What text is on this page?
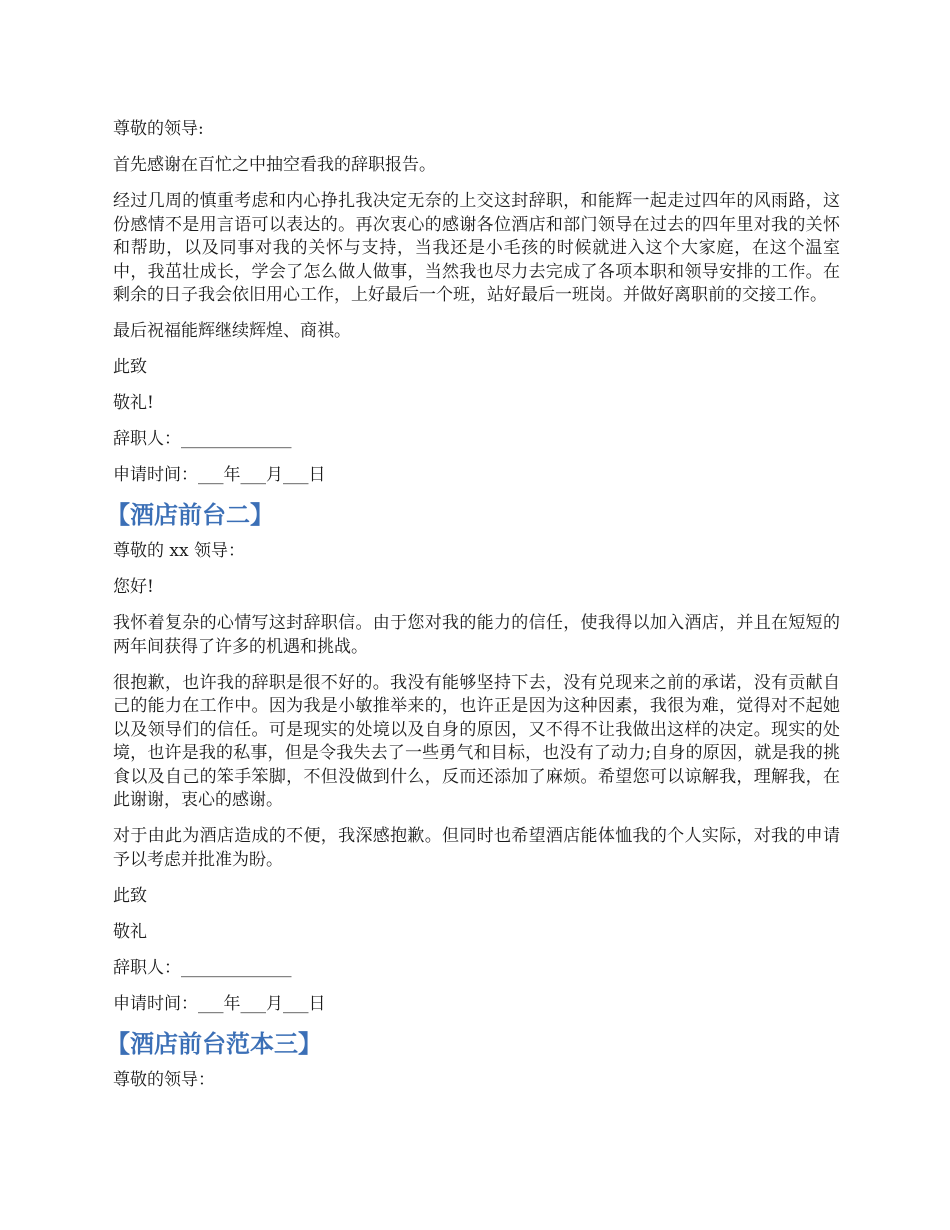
尊敬的领导:
首先感谢在百忙之中抽空看我的辞职报告。
经过几周的慎重考虑和内心挣扎我决定无奈的上交这封辞职，和能辉一起走过四年的风雨路，这份感情不是用言语可以表达的。再次衷心的感谢各位酒店和部门领导在过去的四年里对我的关怀和帮助，以及同事对我的关怀与支持，当我还是小毛孩的时候就进入这个大家庭，在这个温室中，我茁壮成长，学会了怎么做人做事，当然我也尽力去完成了各项本职和领导安排的工作。在剩余的日子我会依旧用心工作，上好最后一个班，站好最后一班岗。并做好离职前的交接工作。
最后祝福能辉继续辉煌、商祺。
此致
敬礼!
辞职人：_____________
申请时间：___年___月___日
【酒店前台二】
尊敬的 xx 领导：
您好!
我怀着复杂的心情写这封辞职信。由于您对我的能力的信任，使我得以加入酒店，并且在短短的两年间获得了许多的机遇和挑战。
很抱歉，也许我的辞职是很不好的。我没有能够坚持下去，没有兑现来之前的承诺，没有贡献自己的能力在工作中。因为我是小敏推举来的，也许正是因为这种因素，我很为难，觉得对不起她以及领导们的信任。可是现实的处境以及自身的原因，又不得不让我做出这样的决定。现实的处境，也许是我的私事，但是令我失去了一些勇气和目标，也没有了动力;自身的原因，就是我的挑食以及自己的笨手笨脚，不但没做到什么，反而还添加了麻烦。希望您可以谅解我，理解我，在此谢谢，衷心的感谢。
对于由此为酒店造成的不便，我深感抱歉。但同时也希望酒店能体恤我的个人实际，对我的申请予以考虑并批准为盼。
此致
敬礼
辞职人：_____________
申请时间：___年___月___日
【酒店前台范本三】
尊敬的领导：
